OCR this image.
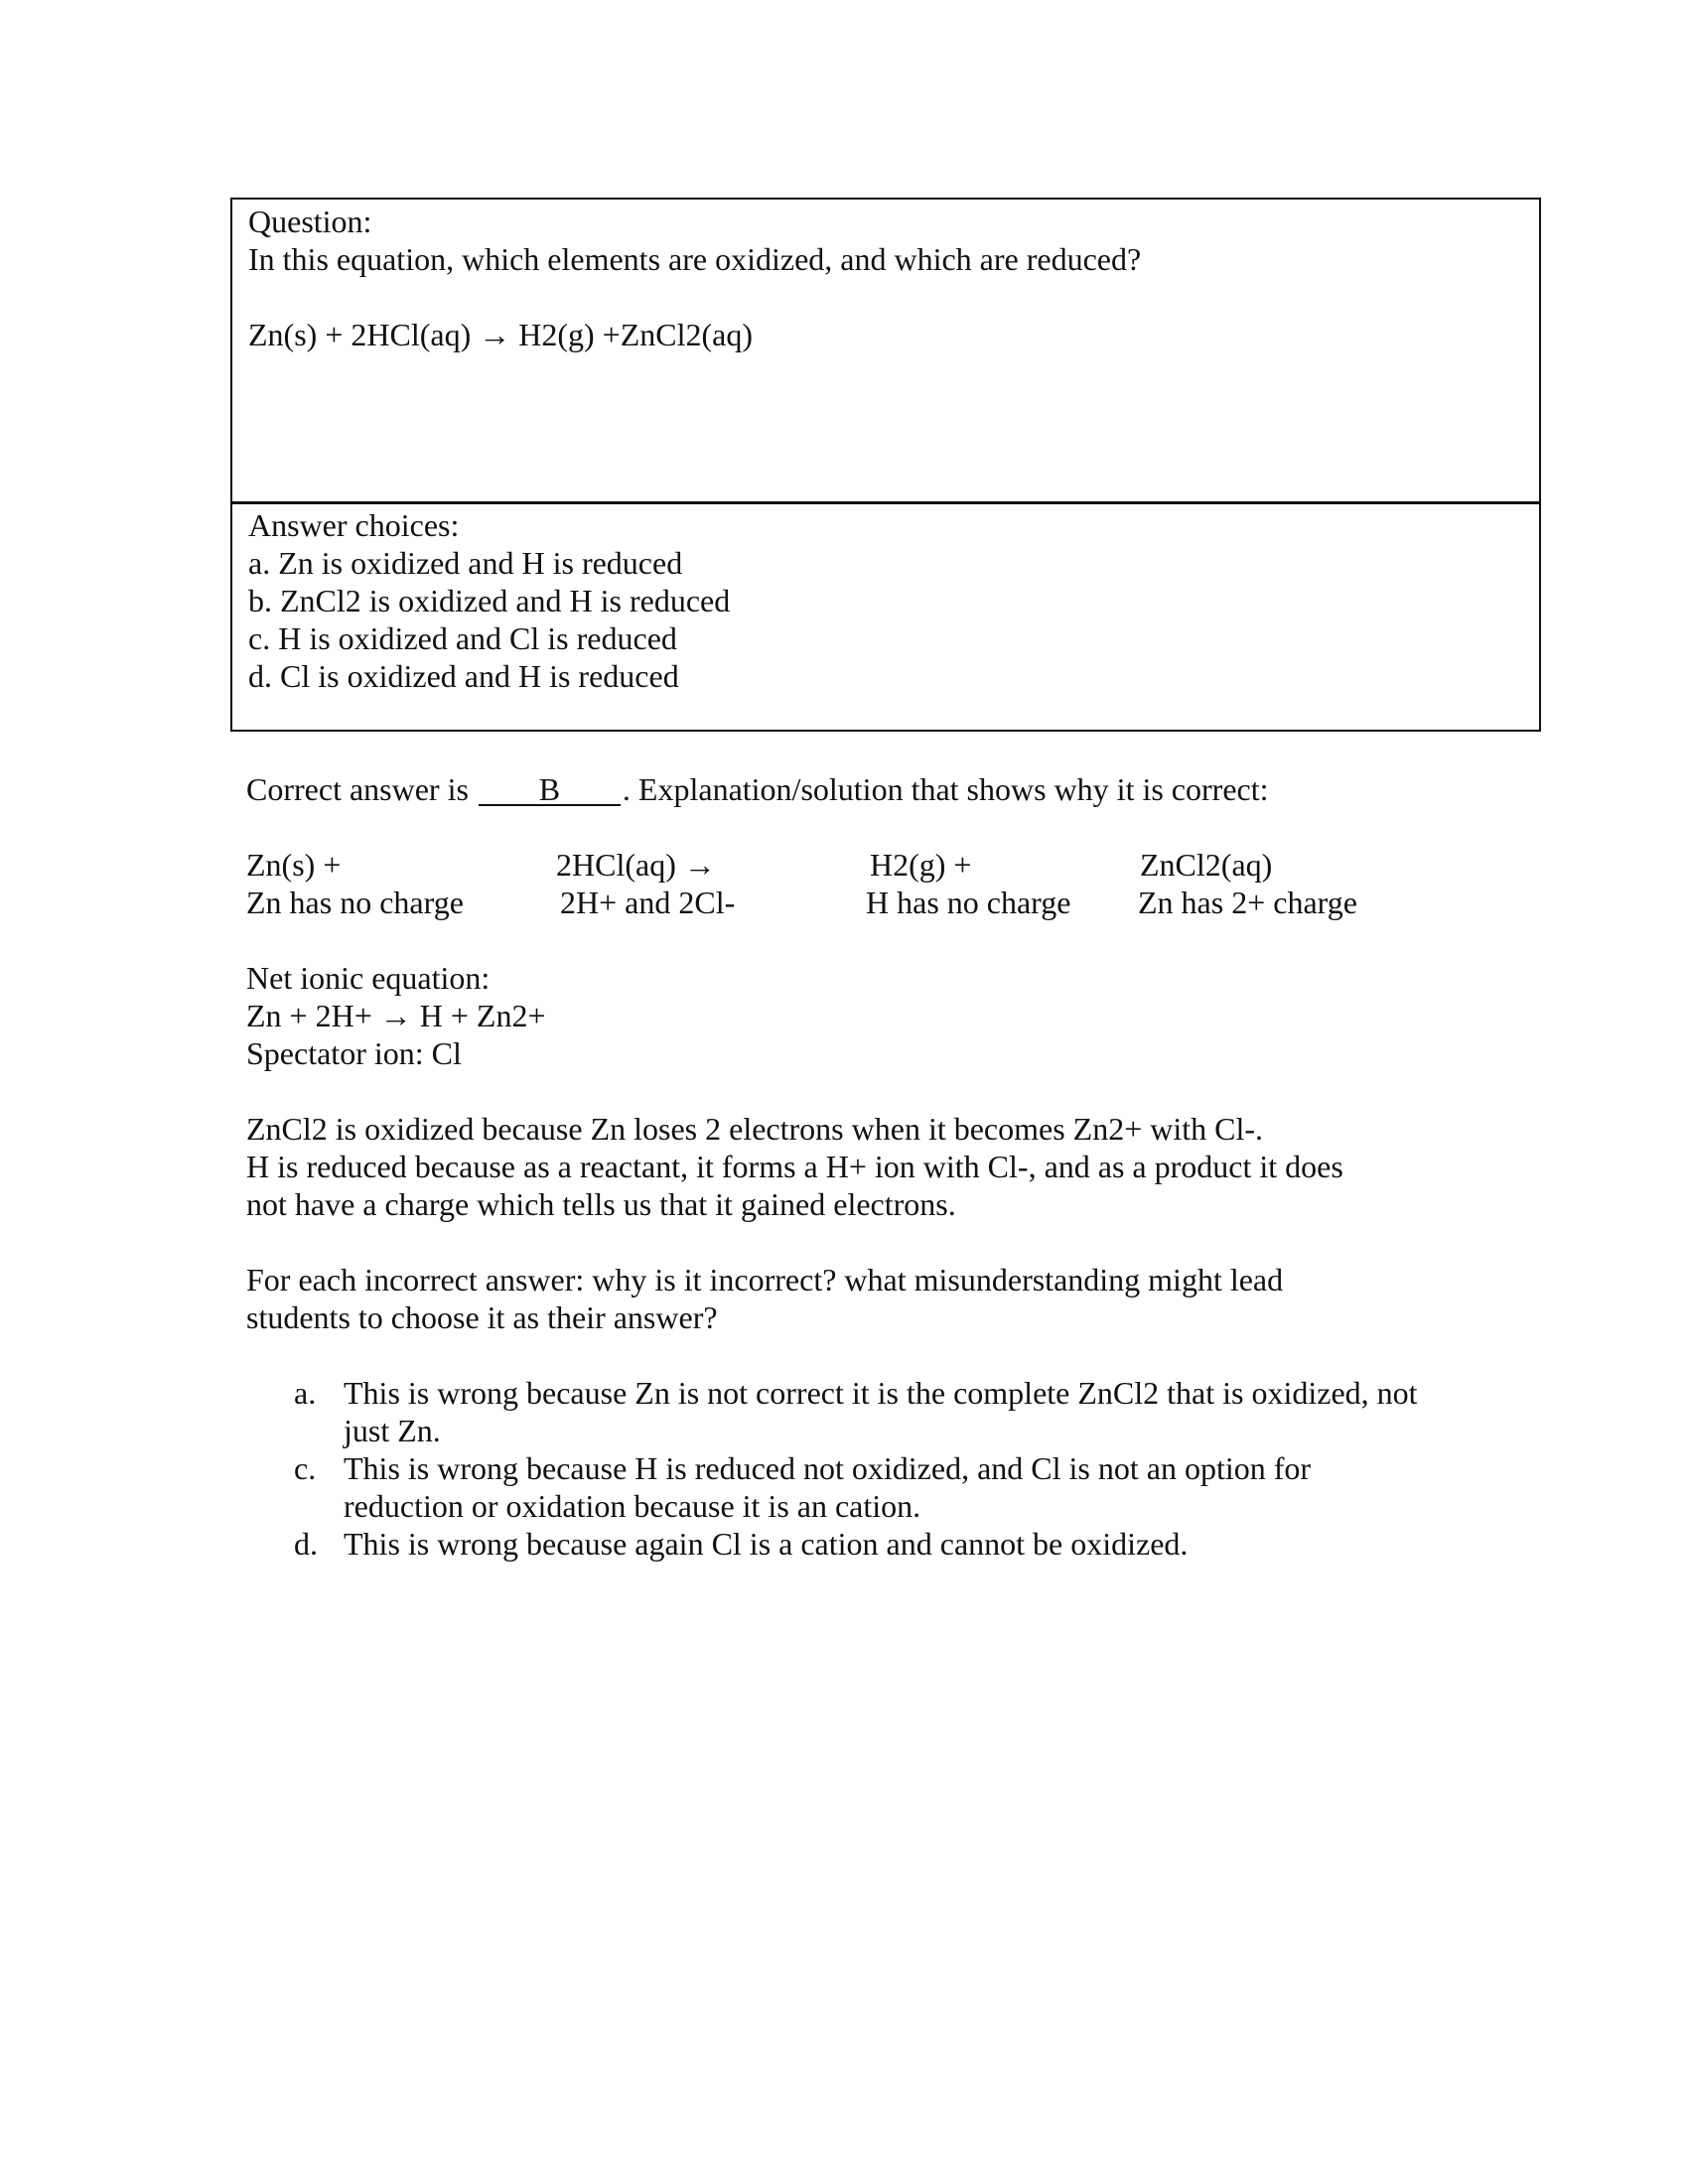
Question:
In this equation, which elements are oxidized, and which are reduced?
Zn(s) + 2HCl(aq) → H2(g) +ZnCl2(aq)
Answer choices:
a. Zn is oxidized and H is reduced
b. ZnCl2 is oxidized and H is reduced
c. H is oxidized and Cl is reduced
d. Cl is oxidized and H is reduced
Correct answer is B . Explanation/solution that shows why it is correct:
Zn(s) +	2HCl(aq) →	H2(g) +	ZnCl2(aq)
Zn has no charge	2H+ and 2Cl-	H has no charge Zn has 2+ charge
Net ionic equation:
Zn + 2H+ → H + Zn2+
Spectator ion: Cl
ZnCl2 is oxidized because Zn loses 2 electrons when it becomes Zn2+ with Cl-.
H is reduced because as a reactant, it forms a H+ ion with Cl-, and as a product it does
not have a charge which tells us that it gained electrons.
For each incorrect answer: why is it incorrect? what misunderstanding might lead
students to choose it as their answer?
a. This is wrong because Zn is not correct it is the complete ZnCl2 that is oxidized, not just Zn.
c. This is wrong because H is reduced not oxidized, and Cl is not an option for reduction or oxidation because it is an cation.
d. This is wrong because again Cl is a cation and cannot be oxidized.
